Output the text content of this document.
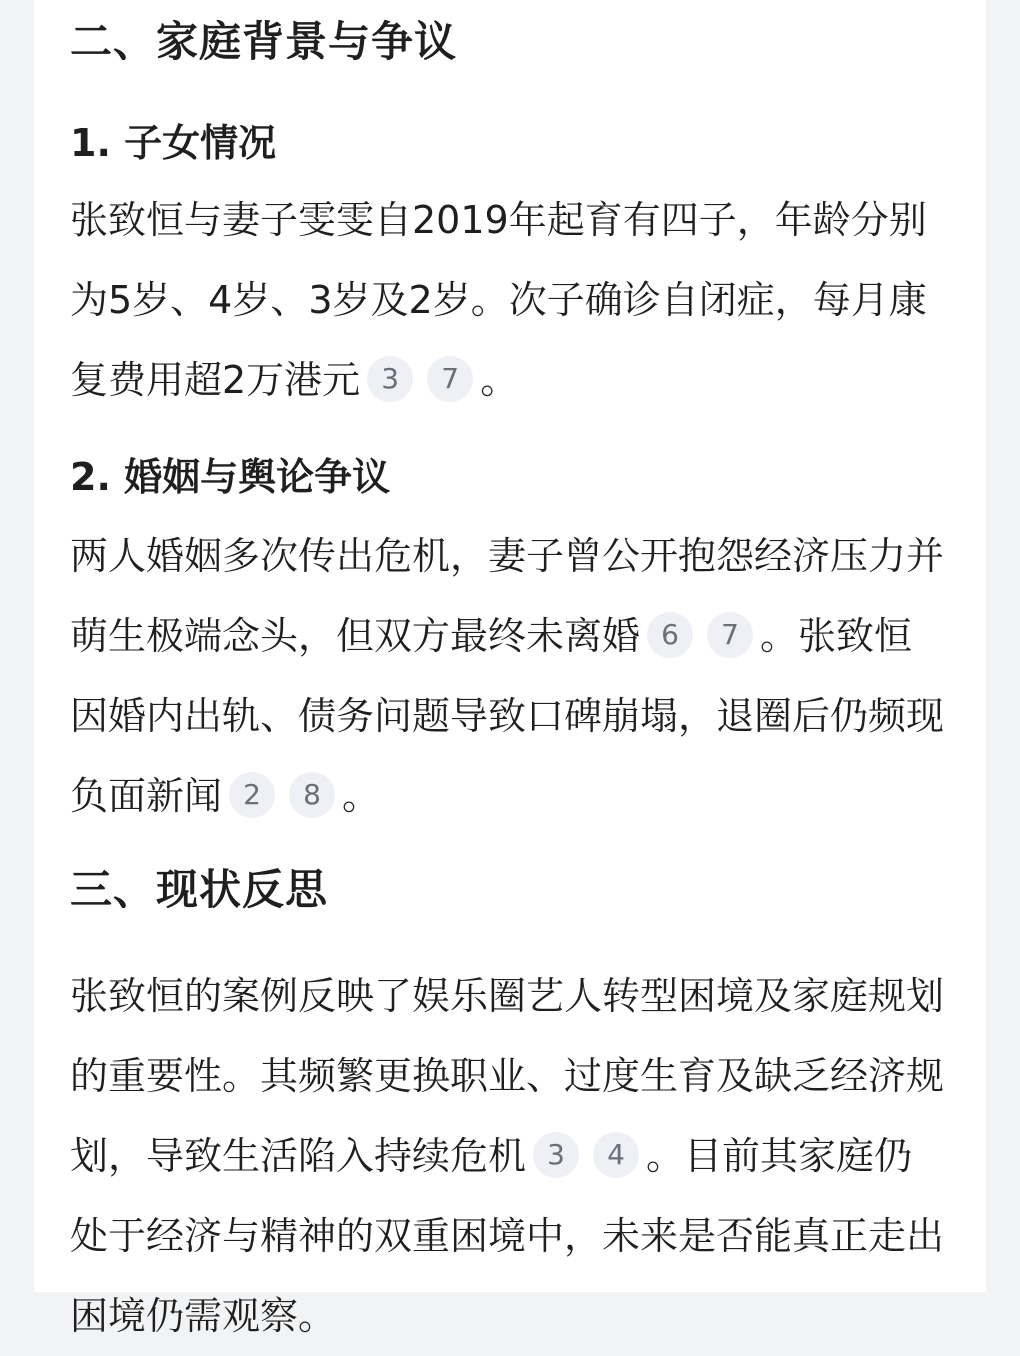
二、家庭背景与争议
1. 子女情况
张致恒与妻子雯雯自2019年起育有四子，年龄分别为5岁、4岁、3岁及2岁。次子确诊自闭症，每月康复费用超2万港元 3 7 。
2. 婚姻与舆论争议
两人婚姻多次传出危机，妻子曾公开抱怨经济压力并萌生极端念头，但双方最终未离婚 6 7 。张致恒因婚内出轨、债务问题导致口碑崩塌，退圈后仍频现负面新闻 2 8 。
三、现状反思
张致恒的案例反映了娱乐圈艺人转型困境及家庭规划的重要性。其频繁更换职业、过度生育及缺乏经济规划，导致生活陷入持续危机 3 4 。目前其家庭仍处于经济与精神的双重困境中，未来是否能真正走出困境仍需观察。
